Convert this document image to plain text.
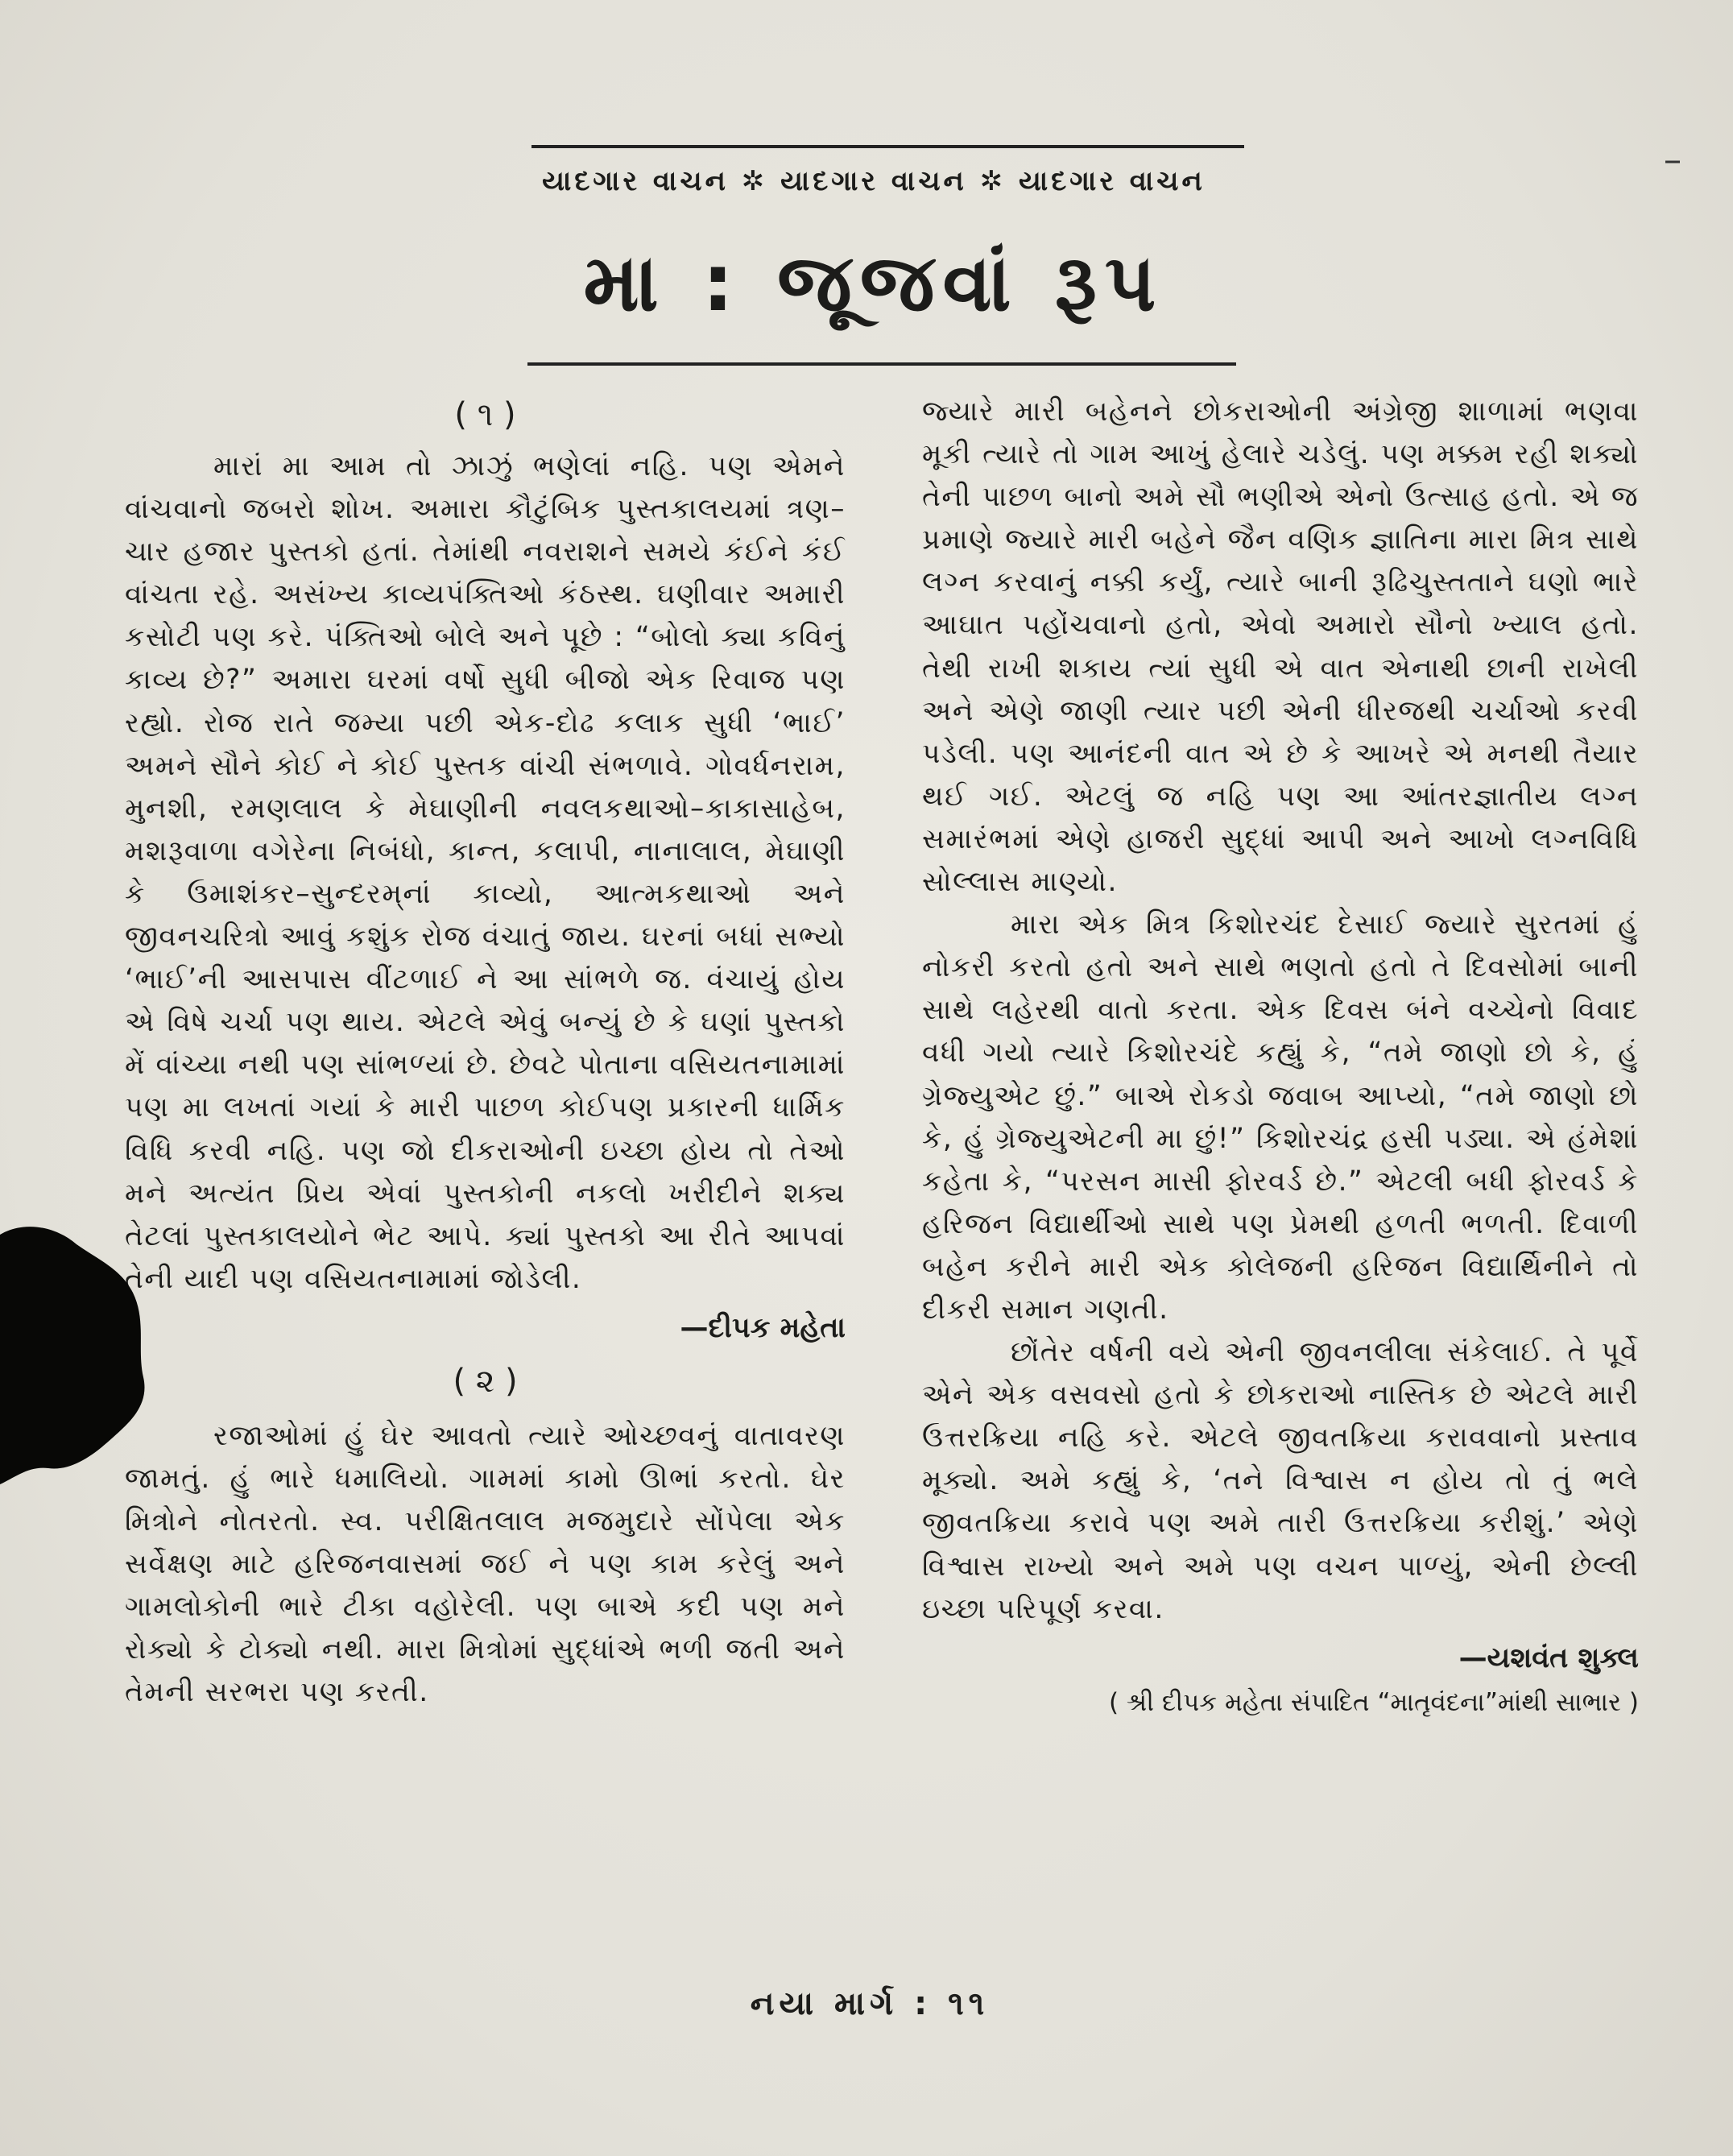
યાદગાર વાચન ✲ યાદગાર વાચન ✲ યાદગાર વાચન
મા : જૂજવાં રૂપ
( ૧ )

મારાં મા આમ તો ઝાઝું ભણેલાં નહિ. પણ એમને વાંચવાનો જબરો શોખ. અમારા કૌટુંબિક પુસ્તકાલયમાં ત્રણ–ચાર હજાર પુસ્તકો હતાં. તેમાંથી નવરાશને સમયે કંઈને કંઈ વાંચતા રહે. અસંખ્ય કાવ્યપંક્તિઓ કંઠસ્થ. ઘણીવાર અમારી કસોટી પણ કરે. પંક્તિઓ બોલે અને પૂછે : “બોલો ક્યા કવિનું કાવ્ય છે?” અમારા ઘરમાં વર્ષો સુધી બીજો એક રિવાજ પણ રહ્યો. રોજ રાતે જમ્યા પછી એક-દોઢ કલાક સુધી ‘ભાઈ’ અમને સૌને કોઈ ને કોઈ પુસ્તક વાંચી સંભળાવે. ગોવર્ધનરામ, મુનશી, રમણલાલ કે મેઘાણીની નવલકથાઓ–કાકાસાહેબ, મશરૂવાળા વગેરેના નિબંધો, કાન્ત, કલાપી, નાનાલાલ, મેઘાણી કે ઉમાશંકર–સુન્દરમ્‌નાં કાવ્યો, આત્મકથાઓ અને જીવનચરિત્રો આવું કશુંક રોજ વંચાતું જાય. ઘરનાં બધાં સભ્યો ‘ભાઈ’ની આસપાસ વીંટળાઈ ને આ સાંભળે જ. વંચાયું હોય એ વિષે ચર્ચા પણ થાય. એટલે એવું બન્યું છે કે ઘણાં પુસ્તકો મેં વાંચ્યા નથી પણ સાંભળ્યાં છે. છેવટે પોતાના વસિયતનામામાં પણ મા લખતાં ગયાં કે મારી પાછળ કોઈપણ પ્રકારની ધાર્મિક વિધિ કરવી નહિ. પણ જો દીકરાઓની ઇચ્છા હોય તો તેઓ મને અત્યંત પ્રિય એવાં પુસ્તકોની નકલો ખરીદીને શક્ય તેટલાં પુસ્તકાલયોને ભેટ આપે. ક્યાં પુસ્તકો આ રીતે આપવાં તેની યાદી પણ વસિયતનામામાં જોડેલી.

—દીપક મહેતા
( ૨ )

રજાઓમાં હું ઘેર આવતો ત્યારે ઓચ્છવનું વાતાવરણ જામતું. હું ભારે ધમાલિયો. ગામમાં કામો ઊભાં કરતો. ઘેર મિત્રોને નોતરતો. સ્વ. પરીક્ષિતલાલ મજમુદારે સોંપેલા એક સર્વેક્ષણ માટે હરિજનવાસમાં જઈ ને પણ કામ કરેલું અને ગામલોકોની ભારે ટીકા વહોરેલી. પણ બાએ કદી પણ મને રોક્યો કે ટોક્યો નથી. મારા મિત્રોમાં સુદ્ધાંએ ભળી જતી અને તેમની સરભરા પણ કરતી.

જ્યારે મારી બહેનને છોકરાઓની અંગ્રેજી શાળામાં ભણવા મૂકી ત્યારે તો ગામ આખું હેલારે ચડેલું. પણ મક્કમ રહી શક્યો તેની પાછળ બાનો અમે સૌ ભણીએ એનો ઉત્સાહ હતો. એ જ પ્રમાણે જ્યારે મારી બહેને જૈન વણિક જ્ઞાતિના મારા મિત્ર સાથે લગ્ન કરવાનું નક્કી કર્યું, ત્યારે બાની રૂઢિચુસ્તતાને ઘણો ભારે આઘાત પહોંચવાનો હતો, એવો અમારો સૌનો ખ્યાલ હતો. તેથી રાખી શકાય ત્યાં સુધી એ વાત એનાથી છાની રાખેલી અને એણે જાણી ત્યાર પછી એની ધીરજથી ચર્ચાઓ કરવી પડેલી. પણ આનંદની વાત એ છે કે આખરે એ મનથી તૈયાર થઈ ગઈ. એટલું જ નહિ પણ આ આંતરજ્ઞાતીય લગ્ન સમારંભમાં એણે હાજરી સુદ્ધાં આપી અને આખો લગ્નવિધિ સોલ્લાસ માણ્યો.

મારા એક મિત્ર કિશોરચંદ દેસાઈ જ્યારે સુરતમાં હું નોકરી કરતો હતો અને સાથે ભણતો હતો તે દિવસોમાં બાની સાથે લહેરથી વાતો કરતા. એક દિવસ બંને વચ્ચેનો વિવાદ વધી ગયો ત્યારે કિશોરચંદે કહ્યું કે, “તમે જાણો છો કે, હું ગ્રેજ્યુએટ છું.” બાએ રોકડો જવાબ આપ્યો, “તમે જાણો છો કે, હું ગ્રેજ્યુએટની મા છું!” કિશોરચંદ્ર હસી પડ્યા. એ હંમેશાં કહેતા કે, “પરસન માસી ફોરવર્ડ છે.” એટલી બધી ફોરવર્ડ કે હરિજન વિદ્યાર્થીઓ સાથે પણ પ્રેમથી હળતી ભળતી. દિવાળી બહેન કરીને મારી એક કોલેજની હરિજન વિદ્યાર્થિનીને તો દીકરી સમાન ગણતી.

છોંતેર વર્ષની વયે એની જીવનલીલા સંકેલાઈ. તે પૂર્વે એને એક વસવસો હતો કે છોકરાઓ નાસ્તિક છે એટલે મારી ઉત્તરક્રિયા નહિ કરે. એટલે જીવતક્રિયા કરાવવાનો પ્રસ્તાવ મૂક્યો. અમે કહ્યું કે, ‘તને વિશ્વાસ ન હોય તો તું ભલે જીવતક્રિયા કરાવે પણ અમે તારી ઉત્તરક્રિયા કરીશું.’ એણે વિશ્વાસ રાખ્યો અને અમે પણ વચન પાળ્યું, એની છેલ્લી ઇચ્છા પરિપૂર્ણ કરવા.

—યશવંત શુક્લ
( શ્રી દીપક મહેતા સંપાદિત “માતૃવંદના”માંથી સાભાર )
નયા માર્ગ : ૧૧
